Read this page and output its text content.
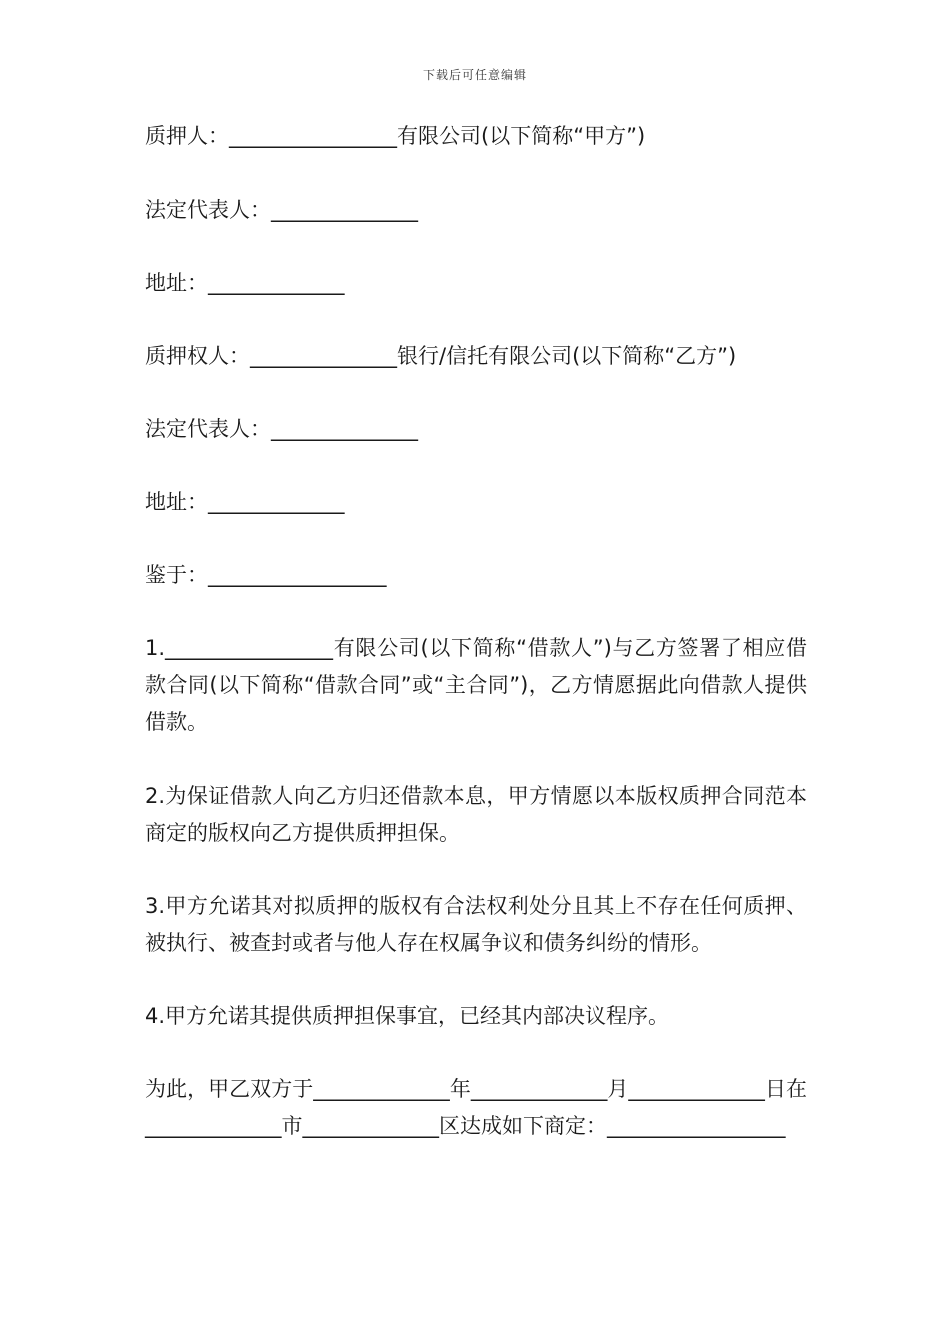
下载后可任意编辑
质押人：________________有限公司(以下简称“甲方”)
法定代表人：______________
地址：_____________
质押权人：______________银行/信托有限公司(以下简称“乙方”)
法定代表人：______________
地址：_____________
鉴于：_________________
1.________________有限公司(以下简称“借款人”)与乙方签署了相应借款合同(以下简称“借款合同”或“主合同”)，乙方情愿据此向借款人提供借款。
2.为保证借款人向乙方归还借款本息，甲方情愿以本版权质押合同范本商定的版权向乙方提供质押担保。
3.甲方允诺其对拟质押的版权有合法权利处分且其上不存在任何质押、被执行、被查封或者与他人存在权属争议和债务纠纷的情形。
4.甲方允诺其提供质押担保事宜，已经其内部决议程序。
为此，甲乙双方于_____________年_____________月_____________日在_____________市_____________区达成如下商定：_________________
